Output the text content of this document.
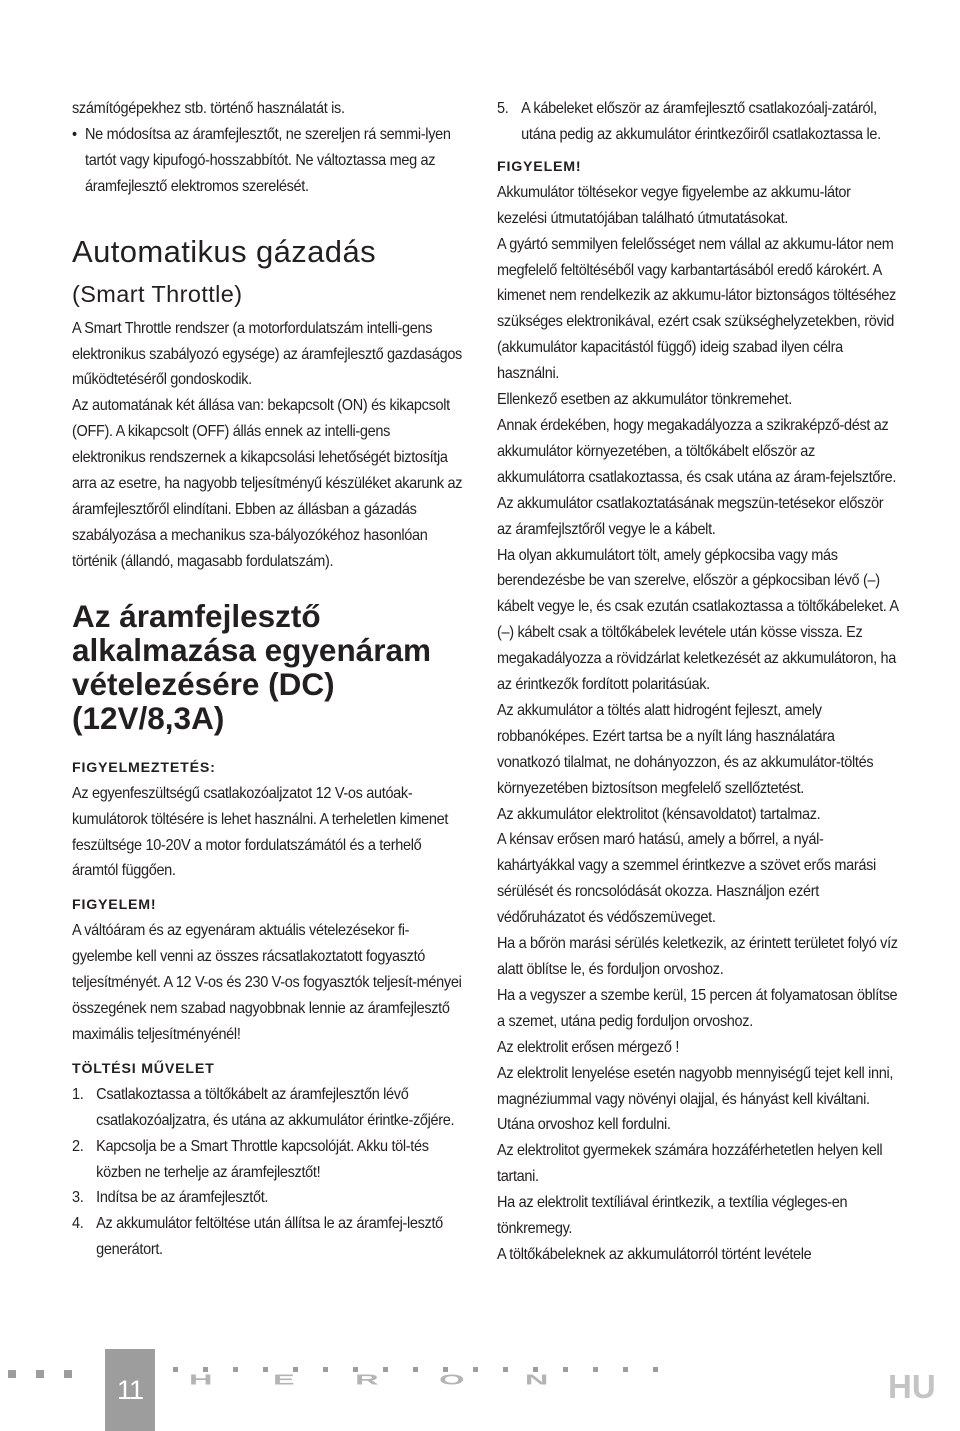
számítógépekhez stb. történő használatát is.

• Ne módosítsa az áramfejlesztőt, ne szereljen rá semmi-lyen tartót vagy kipufogó-hosszabbítót. Ne változtassa meg az áramfejlesztő elektromos szerelését.

Automatikus gázadás
(Smart Throttle)

A Smart Throttle rendszer (a motorfordulatszám intelli-gens elektronikus szabályozó egysége) az áramfejlesztő gazdaságos működtetéséről gondoskodik.

Az automatának két állása van: bekapcsolt (ON) és kikapcsolt (OFF). A kikapcsolt (OFF) állás ennek az intelli-gens elektronikus rendszernek a kikapcsolási lehetőségét biztosítja arra az esetre, ha nagyobb teljesítményű készüléket akarunk az áramfejlesztőről elindítani. Ebben az állásban a gázadás szabályozása a mechanikus sza-bályozókéhoz hasonlóan történik (állandó, magasabb fordulatszám).

Az áramfejlesztő alkalmazása egyenáram vételezésére (DC) (12V/8,3A)

FIGYELMEZTETÉS:

Az egyenfeszültségű csatlakozóaljzatot 12 V-os autóak-kumulátorok töltésére is lehet használni. A terheletlen kimenet feszültsége 10-20V a motor fordulatszámától és a terhelő áramtól függően.

FIGYELEM!

A váltóáram és az egyenáram aktuális vételezésekor fi-gyelembe kell venni az összes rácsatlakoztatott fogyasztó teljesítményét. A 12 V-os és 230 V-os fogyasztók teljesít-ményei összegének nem szabad nagyobbnak lennie az áramfejlesztő maximális teljesítményénél!

TÖLTÉSI MŰVELET

1. Csatlakoztassa a töltőkábelt az áramfejlesztőn lévő csatlakozóaljzatra, és utána az akkumulátor érintke-zőjére.
2. Kapcsolja be a Smart Throttle kapcsolóját. Akku töl-tés közben ne terhelje az áramfejlesztőt!
3. Indítsa be az áramfejlesztőt.
4. Az akkumulátor feltöltése után állítsa le az áramfej-lesztő generátort.
5. A kábeleket először az áramfejlesztő csatlakozóalj-zatáról, utána pedig az akkumulátor érintkezőiről csatlakoztassa le.

FIGYELEM!

Akkumulátor töltésekor vegye figyelembe az akkumu-látor kezelési útmutatójában található útmutatásokat.

A gyártó semmilyen felelősséget nem vállal az akkumu-látor nem megfelelő feltöltéséből vagy karbantartásából eredő károkért. A kimenet nem rendelkezik az akkumu-látor biztonságos töltéséhez szükséges elektronikával, ezért csak szükséghelyzetekben, rövid (akkumulátor kapacitástól függő) ideig szabad ilyen célra használni.

Ellenkező esetben az akkumulátor tönkremehet.

Annak érdekében, hogy megakadályozza a szikraképző-dést az akkumulátor környezetében, a töltőkábelt először az akkumulátorra csatlakoztassa, és csak utána az áram-fejelsztőre. Az akkumulátor csatlakoztatásának megszün-tetésekor először az áramfejlsztőről vegye le a kábelt.

Ha olyan akkumulátort tölt, amely gépkocsiba vagy más berendezésbe be van szerelve, először a gépkocsiban lévő (–) kábelt vegye le, és csak ezután csatlakoztassa a töltőkábeleket. A (–) kábelt csak a töltőkábelek levétele után kösse vissza. Ez megakadályozza a rövidzárlat keletkezését az akkumulátoron, ha az érintkezők fordított polaritásúak.

Az akkumulátor a töltés alatt hidrogént fejleszt, amely robbanóképes. Ezért tartsa be a nyílt láng használatára vonatkozó tilalmat, ne dohányozzon, és az akkumulátor-töltés környezetében biztosítson megfelelő szellőztetést.

Az akkumulátor elektrolitot (kénsavoldatot) tartalmaz.

A kénsav erősen maró hatású, amely a bőrrel, a nyál-kahártyákkal vagy a szemmel érintkezve a szövet erős marási sérülését és roncsolódását okozza. Használjon ezért védőruházatot és védőszemüveget.

Ha a bőrön marási sérülés keletkezik, az érintett területet folyó víz alatt öblítse le, és forduljon orvoshoz.

Ha a vegyszer a szembe kerül, 15 percen át folyamatosan öblítse a szemet, utána pedig forduljon orvoshoz.

Az elektrolit erősen mérgező !

Az elektrolit lenyelése esetén nagyobb mennyiségű tejet kell inni, magnéziummal vagy növényi olajjal, és hányást kell kiváltani. Utána orvoshoz kell fordulni.

Az elektrolitot gyermekek számára hozzáférhetetlen helyen kell tartani.

Ha az elektrolit textíliával érintkezik, a textília végleges-en tönkremegy.

A töltőkábeleknek az akkumulátorról történt levétele

11	HERON	HU
